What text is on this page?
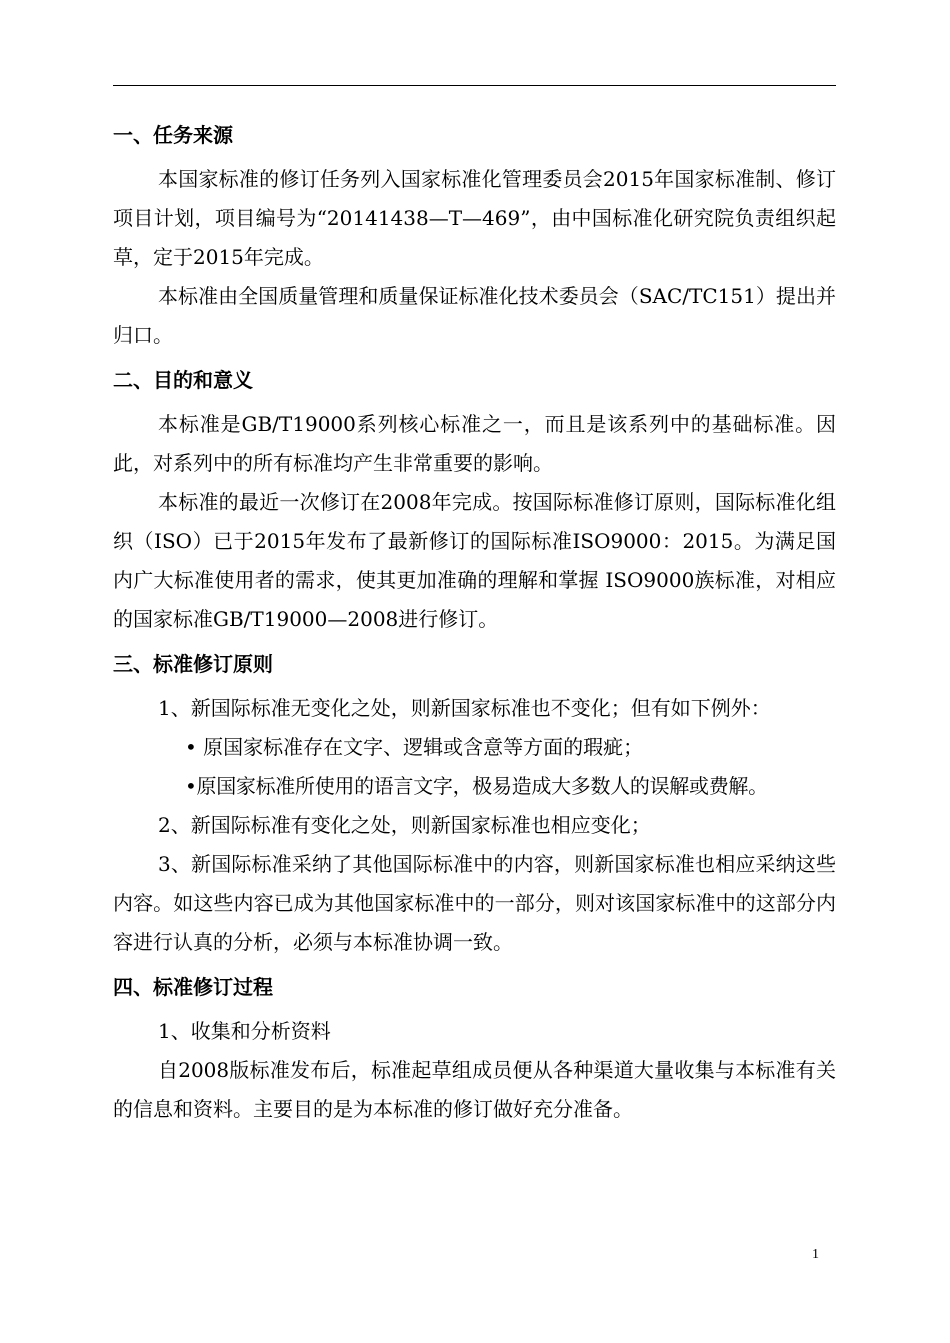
一、任务来源

本国家标准的修订任务列入国家标准化管理委员会2015年国家标准制、修订项目计划，项目编号为“20141438—T—469”，由中国标准化研究院负责组织起草，定于2015年完成。

本标准由全国质量管理和质量保证标准化技术委员会（SAC/TC151）提出并归口。

二、目的和意义

本标准是GB/T19000系列核心标准之一，而且是该系列中的基础标准。因此，对系列中的所有标准均产生非常重要的影响。

本标准的最近一次修订在2008年完成。按国际标准修订原则，国际标准化组织（ISO）已于2015年发布了最新修订的国际标准ISO9000：2015。为满足国内广大标准使用者的需求，使其更加准确的理解和掌握 ISO9000族标准，对相应的国家标准GB/T19000—2008进行修订。

三、标准修订原则

1、新国际标准无变化之处，则新国家标准也不变化；但有如下例外：

• 原国家标准存在文字、逻辑或含意等方面的瑕疵；

•原国家标准所使用的语言文字，极易造成大多数人的误解或费解。

2、新国际标准有变化之处，则新国家标准也相应变化；

3、新国际标准采纳了其他国际标准中的内容，则新国家标准也相应采纳这些内容。如这些内容已成为其他国家标准中的一部分，则对该国家标准中的这部分内容进行认真的分析，必须与本标准协调一致。

四、标准修订过程

1、收集和分析资料

自2008版标准发布后，标准起草组成员便从各种渠道大量收集与本标准有关的信息和资料。主要目的是为本标准的修订做好充分准备。

1
